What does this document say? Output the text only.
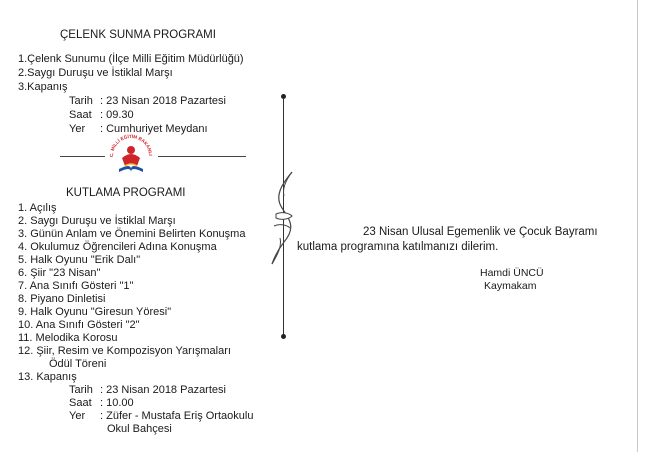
ÇELENK SUNMA PROGRAMI
1.Çelenk Sunumu (İlçe Milli Eğitim Müdürlüğü)
2.Saygı Duruşu ve İstiklal Marşı
3.Kapanış
Tarih : 23 Nisan 2018 Pazartesi
Saat : 09.30
Yer : Cumhuriyet Meydanı
C. MİLLİ EĞİTİM BAKANLI
KUTLAMA PROGRAMI
1. Açılış
2. Saygı Duruşu ve İstiklal Marşı
3. Günün Anlam ve Önemini Belirten Konuşma
4. Okulumuz Öğrencileri Adına Konuşma
5. Halk Oyunu "Erik Dalı"
6. Şiir "23 Nisan"
7. Ana Sınıfı Gösteri "1"
8. Piyano Dinletisi
9. Halk Oyunu "Giresun Yöresi"
10. Ana Sınıfı Gösteri "2"
11. Melodika Korosu
12. Şiir, Resim ve Kompozisyon Yarışmaları
Ödül Töreni
13. Kapanış
Tarih : 23 Nisan 2018 Pazartesi
Saat : 10.00
Yer : Züfer - Mustafa Eriş Ortaokulu
Okul Bahçesi
23 Nisan Ulusal Egemenlik ve Çocuk Bayramı
kutlama programına katılmanızı dilerim.
Hamdi ÜNCÜ
Kaymakam
